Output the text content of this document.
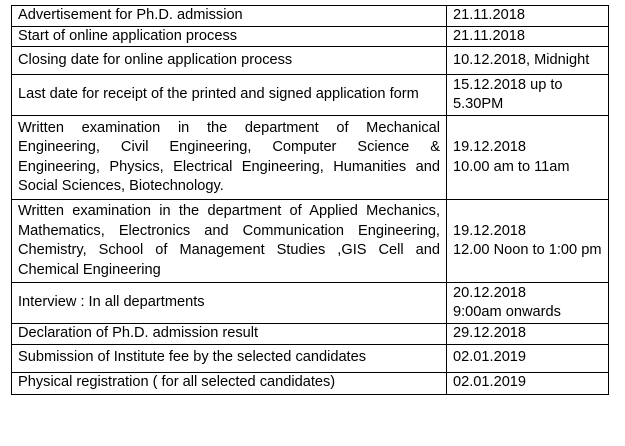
Advertisement for Ph.D. admission	21.11.2018

Start of online application process	21.11.2018

Closing date for online application process	10.12.2018, Midnight

Last date for receipt of the printed and signed application form	15.12.2018 up to
5.30PM

Written examination in the department of Mechanical Engineering, Civil Engineering, Computer Science & Engineering, Physics, Electrical Engineering, Humanities and Social Sciences, Biotechnology.	19.12.2018
10.00 am to 11am

Written examination in the department of Applied Mechanics, Mathematics, Electronics and Communication Engineering, Chemistry, School of Management Studies ,GIS Cell and Chemical Engineering	19.12.2018
12.00 Noon to 1:00 pm

Interview : In all departments	20.12.2018
9:00am onwards

Declaration of Ph.D. admission result	29.12.2018

Submission of Institute fee by the selected candidates	02.01.2019

Physical registration ( for all selected candidates)	02.01.2019
